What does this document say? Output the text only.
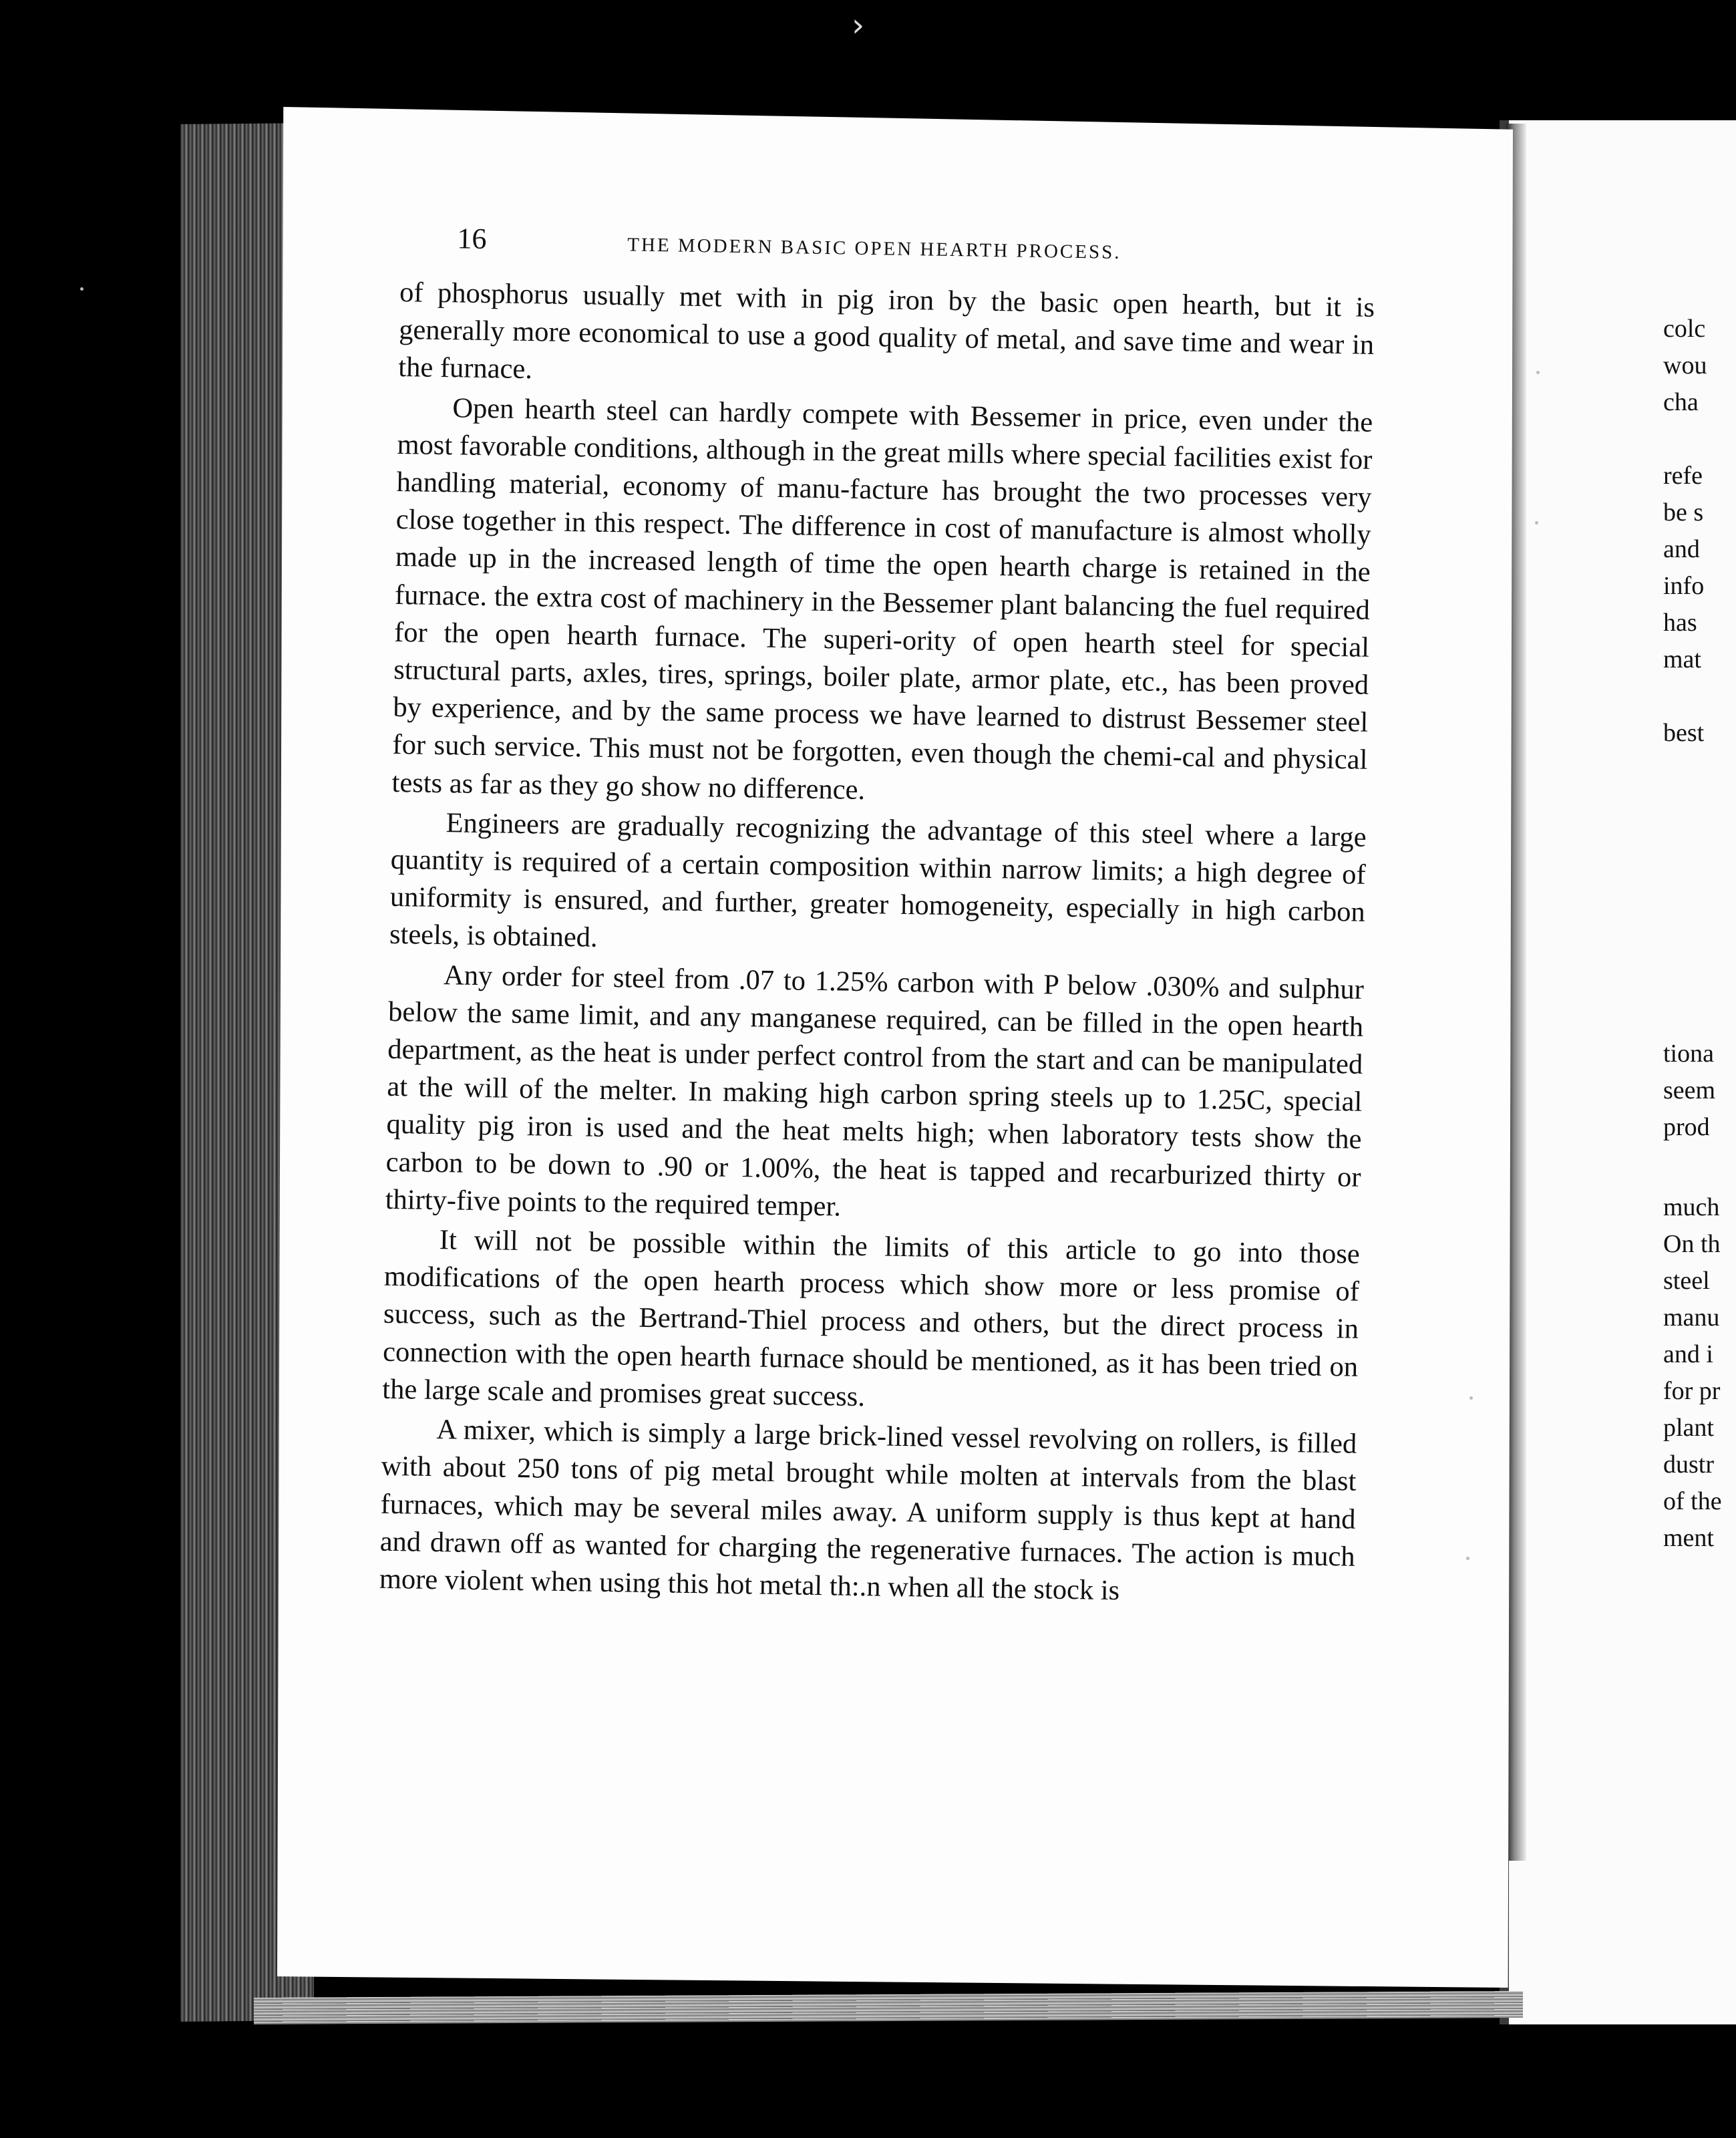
›
16	THE MODERN BASIC OPEN HEARTH PROCESS.

of phosphorus usually met with in pig iron by the basic open hearth, but it is generally more economical to use a good quality of metal, and save time and wear in the furnace.

Open hearth steel can hardly compete with Bessemer in price, even under the most favorable conditions, although in the great mills where special facilities exist for handling material, economy of manu-facture has brought the two processes very close together in this respect. The difference in cost of manufacture is almost wholly made up in the increased length of time the open hearth charge is retained in the furnace. the extra cost of machinery in the Bessemer plant balancing the fuel required for the open hearth furnace. The superi-ority of open hearth steel for special structural parts, axles, tires, springs, boiler plate, armor plate, etc., has been proved by experience, and by the same process we have learned to distrust Bessemer steel for such service. This must not be forgotten, even though the chemi-cal and physical tests as far as they go show no difference.

Engineers are gradually recognizing the advantage of this steel where a large quantity is required of a certain composition within narrow limits; a high degree of uniformity is ensured, and further, greater homogeneity, especially in high carbon steels, is obtained.

Any order for steel from .07 to 1.25% carbon with P below .030% and sulphur below the same limit, and any manganese required, can be filled in the open hearth department, as the heat is under perfect control from the start and can be manipulated at the will of the melter. In making high carbon spring steels up to 1.25C, special quality pig iron is used and the heat melts high; when laboratory tests show the carbon to be down to .90 or 1.00%, the heat is tapped and recarburized thirty or thirty-five points to the required temper.

It will not be possible within the limits of this article to go into those modifications of the open hearth process which show more or less promise of success, such as the Bertrand-Thiel process and others, but the direct process in connection with the open hearth furnace should be mentioned, as it has been tried on the large scale and promises great success.

A mixer, which is simply a large brick-lined vessel revolving on rollers, is filled with about 250 tons of pig metal brought while molten at intervals from the blast furnaces, which may be several miles away. A uniform supply is thus kept at hand and drawn off as wanted for charging the regenerative furnaces. The action is much more violent when using this hot metal th:.n when all the stock is

colc
wou
cha
refe
be s
and
info
has
mat
best
tiona
seem
prod
much
On th
steel
manu
and i
for pr
plant
dustr
of the
ment
